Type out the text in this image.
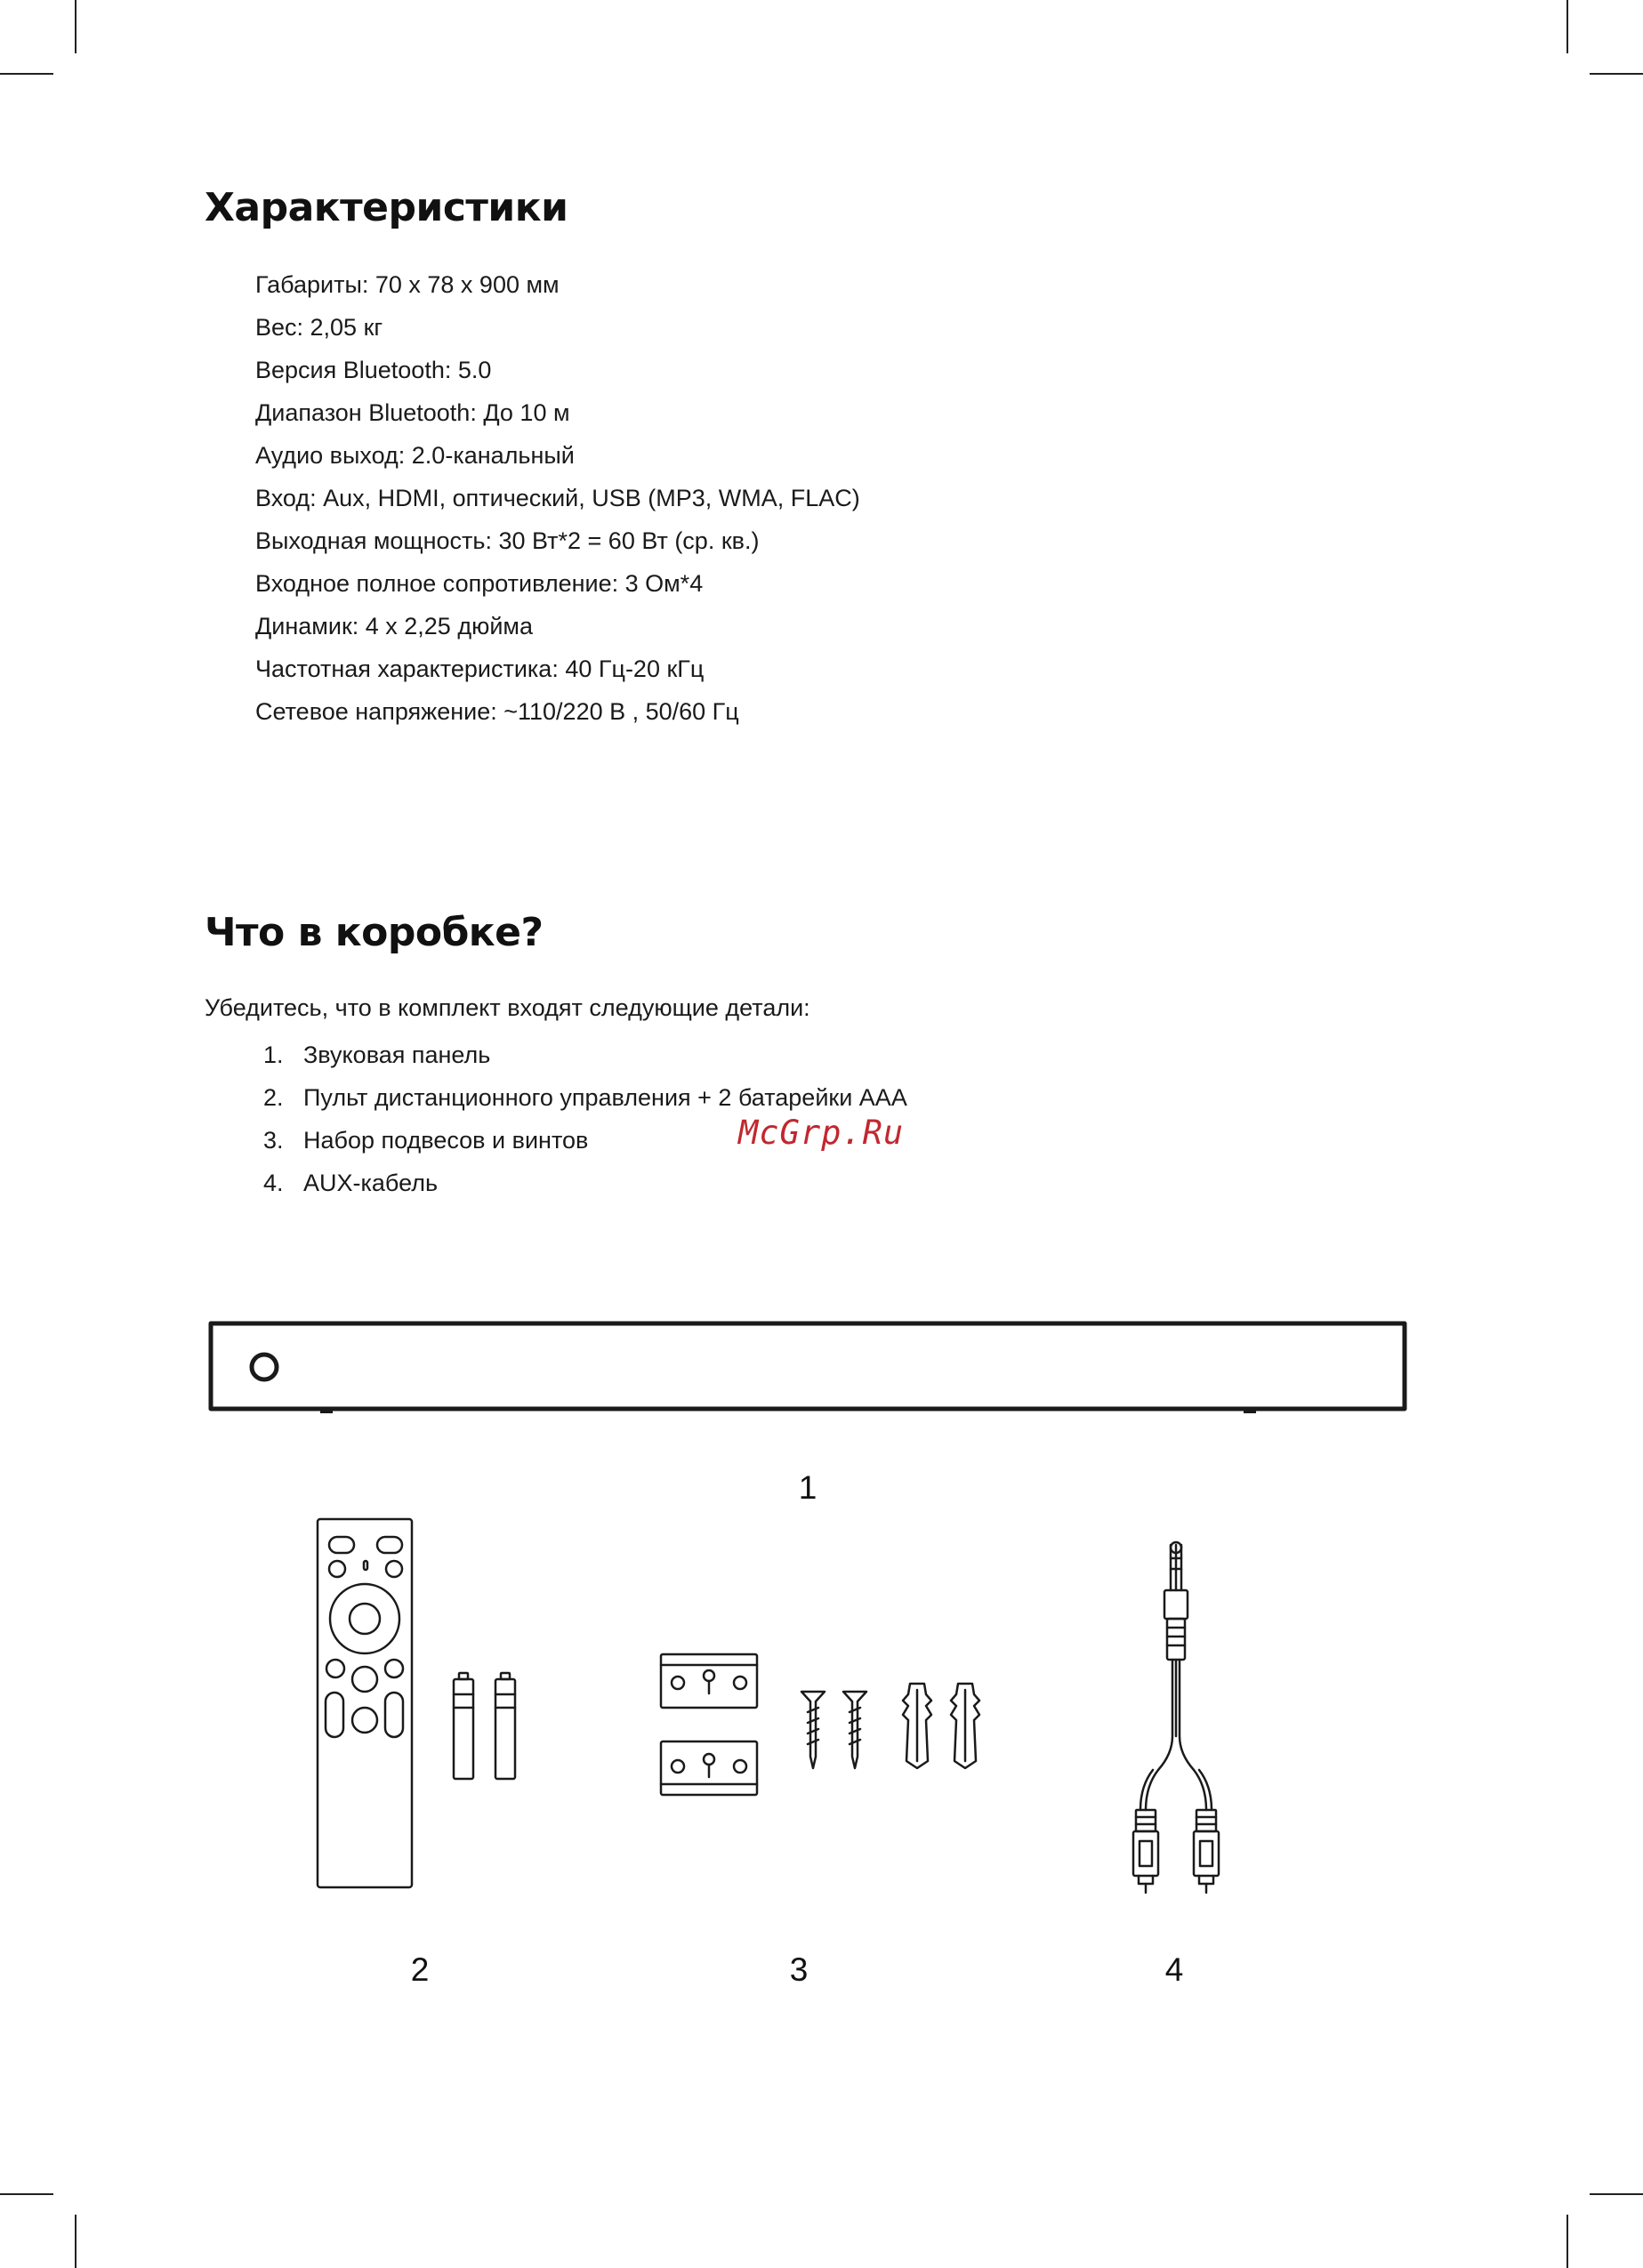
Характеристики
Габариты: 70 x 78 x 900 мм
Вес: 2,05 кг
Версия Bluetooth: 5.0
Диапазон Bluetooth: До 10 м
Аудио выход: 2.0-канальный
Вход: Aux, HDMI, оптический, USB (MP3, WMA, FLAC)
Выходная мощность: 30 Вт*2 = 60 Вт (ср. кв.)
Входное полное сопротивление: 3 Ом*4
Динамик: 4 x 2,25 дюйма
Частотная характеристика: 40 Гц-20 кГц
Сетевое напряжение: ~110/220 В , 50/60 Гц
Что в коробке?
Убедитесь, что в комплект входят следующие детали:
1. Звуковая панель
2. Пульт дистанционного управления + 2 батарейки AAA
3. Набор подвесов и винтов
4. AUX-кабель
McGrp.Ru
1
2	3	4
